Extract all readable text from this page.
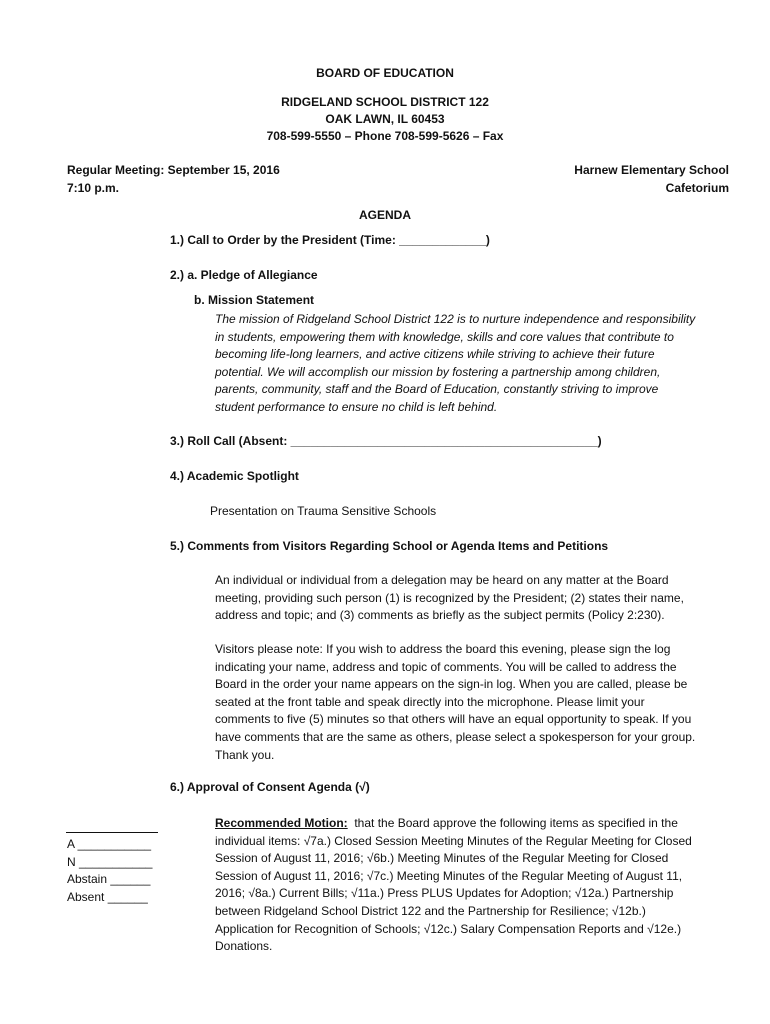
BOARD OF EDUCATION
RIDGELAND SCHOOL DISTRICT 122
OAK LAWN, IL 60453
708-599-5550 – Phone 708-599-5626 – Fax
Regular Meeting: September 15, 2016
7:10 p.m.
Harnew Elementary School
Cafetorium
AGENDA
1.) Call to Order by the President (Time: _____________)
2.) a. Pledge of Allegiance
b. Mission Statement
The mission of Ridgeland School District 122 is to nurture independence and responsibility
in students, empowering them with knowledge, skills and core values that contribute to
becoming life-long learners, and active citizens while striving to achieve their future
potential. We will accomplish our mission by fostering a partnership among children,
parents, community, staff and the Board of Education, constantly striving to improve
student performance to ensure no child is left behind.
3.) Roll Call (Absent: ______________________________________________)
4.) Academic Spotlight
Presentation on Trauma Sensitive Schools
5.) Comments from Visitors Regarding School or Agenda Items and Petitions
An individual or individual from a delegation may be heard on any matter at the Board
meeting, providing such person (1) is recognized by the President; (2) states their name,
address and topic; and (3) comments as briefly as the subject permits (Policy 2:230).
Visitors please note: If you wish to address the board this evening, please sign the log
indicating your name, address and topic of comments. You will be called to address the
Board in the order your name appears on the sign-in log. When you are called, please be
seated at the front table and speak directly into the microphone. Please limit your
comments to five (5) minutes so that others will have an equal opportunity to speak. If you
have comments that are the same as others, please select a spokesperson for your group.
Thank you.
6.) Approval of Consent Agenda (√)
Recommended Motion:  that the Board approve the following items as specified in the
individual items: √7a.) Closed Session Meeting Minutes of the Regular Meeting for Closed
Session of August 11, 2016; √6b.) Meeting Minutes of the Regular Meeting for Closed
Session of August 11, 2016; √7c.) Meeting Minutes of the Regular Meeting of August 11,
2016; √8a.) Current Bills; √11a.) Press PLUS Updates for Adoption; √12a.) Partnership
between Ridgeland School District 122 and the Partnership for Resilience; √12b.)
Application for Recognition of Schools; √12c.) Salary Compensation Reports and √12e.)
Donations.
A ___________
N ___________
Abstain ______
Absent ______
